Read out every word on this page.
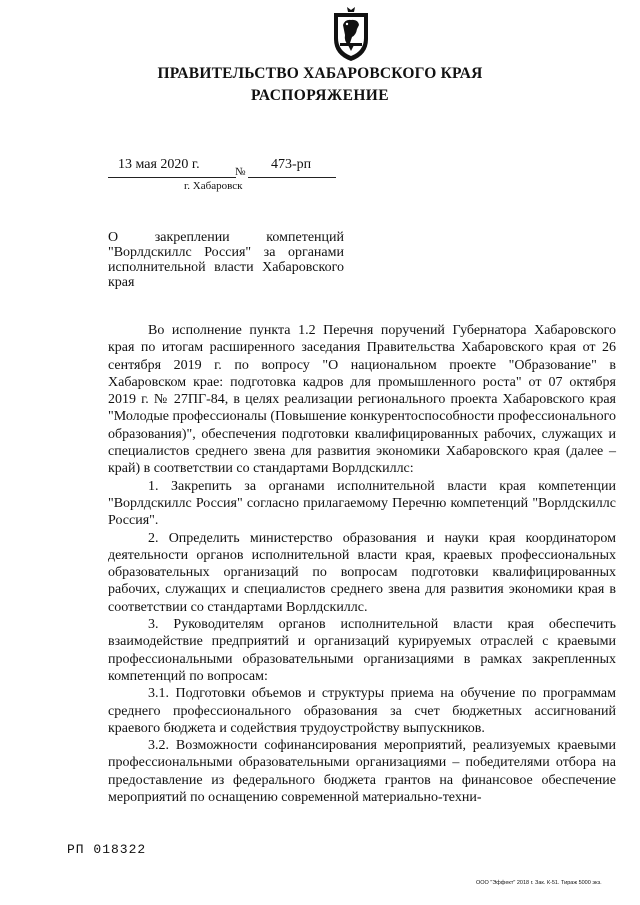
ПРАВИТЕЛЬСТВО ХАБАРОВСКОГО КРАЯ
РАСПОРЯЖЕНИЕ
13 мая 2020 г.	№ 473-рп
г. Хабаровск
О закреплении компетенций "Ворлдскиллс Россия" за органами исполнительной власти Хабаровского края

Во исполнение пункта 1.2 Перечня поручений Губернатора Хабаровского края по итогам расширенного заседания Правительства Хабаровского края от 26 сентября 2019 г. по вопросу "О национальном проекте "Образование" в Хабаровском крае: подготовка кадров для промышленного роста" от 07 октября 2019 г. № 27ПГ-84, в целях реализации регионального проекта Хабаровского края "Молодые профессионалы (Повышение конкурентоспособности профессионального образования)", обеспечения подготовки квалифицированных рабочих, служащих и специалистов среднего звена для развития экономики Хабаровского края (далее – край) в соответствии со стандартами Ворлдскиллс:

1. Закрепить за органами исполнительной власти края компетенции "Ворлдскиллс Россия" согласно прилагаемому Перечню компетенций "Ворлдскиллс Россия".

2. Определить министерство образования и науки края координатором деятельности органов исполнительной власти края, краевых профессиональных образовательных организаций по вопросам подготовки квалифицированных рабочих, служащих и специалистов среднего звена для развития экономики края в соответствии со стандартами Ворлдскиллс.

3. Руководителям органов исполнительной власти края обеспечить взаимодействие предприятий и организаций курируемых отраслей с краевыми профессиональными образовательными организациями в рамках закрепленных компетенций по вопросам:

3.1. Подготовки объемов и структуры приема на обучение по программам среднего профессионального образования за счет бюджетных ассигнований краевого бюджета и содействия трудоустройству выпускников.

3.2. Возможности софинансирования мероприятий, реализуемых краевыми профессиональными образовательными организациями – победителями отбора на предоставление из федерального бюджета грантов на финансовое обеспечение мероприятий по оснащению современной материально-техни-

РП 018322
ООО "Эффект" 2018 г. Зак. К-51. Тираж 5000 экз.
